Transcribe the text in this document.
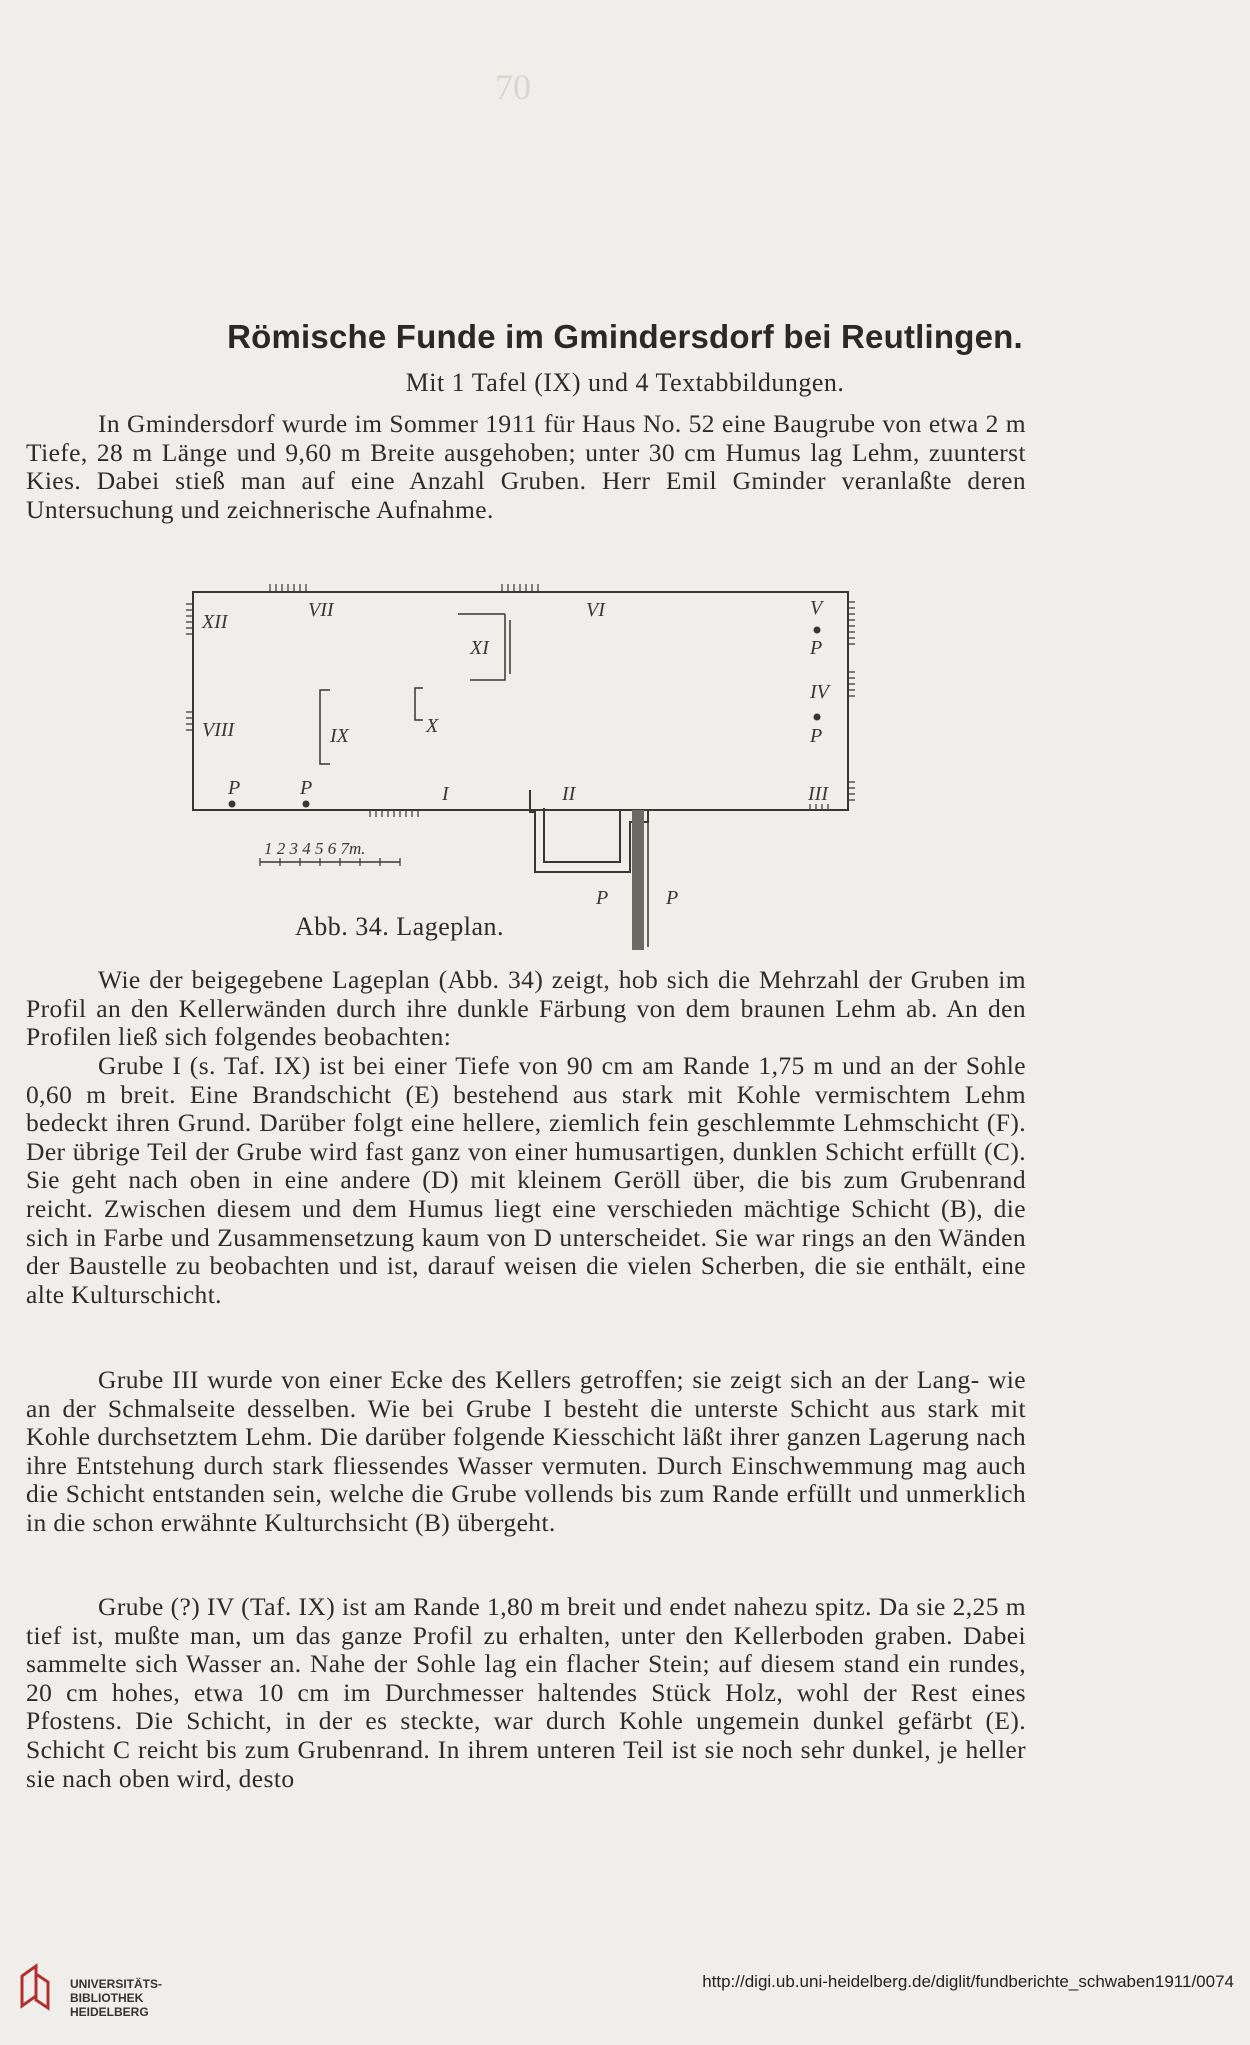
70
Römische Funde im Gmindersdorf bei Reutlingen.
Mit 1 Tafel (IX) und 4 Textabbildungen.
In Gmindersdorf wurde im Sommer 1911 für Haus No. 52 eine Baugrube von etwa 2 m Tiefe, 28 m Länge und 9,60 m Breite ausgehoben; unter 30 cm Humus lag Lehm, zuunterst Kies. Dabei stieß man auf eine Anzahl Gruben. Herr Emil Gminder veranlaßte deren Untersuchung und zeichnerische Aufnahme.
XII
VII	VI	V
XI
IV
VIII	IX	X
I	II	III
P	P
P
P
P	P
1 2 3 4 5 6 7m.
Abb. 34. Lageplan.
Wie der beigegebene Lageplan (Abb. 34) zeigt, hob sich die Mehrzahl der Gruben im Profil an den Kellerwänden durch ihre dunkle Färbung von dem braunen Lehm ab. An den Profilen ließ sich folgendes beobachten:
Grube I (s. Taf. IX) ist bei einer Tiefe von 90 cm am Rande 1,75 m und an der Sohle 0,60 m breit. Eine Brandschicht (E) bestehend aus stark mit Kohle vermischtem Lehm bedeckt ihren Grund. Darüber folgt eine hellere, ziemlich fein geschlemmte Lehmschicht (F). Der übrige Teil der Grube wird fast ganz von einer humusartigen, dunklen Schicht erfüllt (C). Sie geht nach oben in eine andere (D) mit kleinem Geröll über, die bis zum Grubenrand reicht. Zwischen diesem und dem Humus liegt eine verschieden mächtige Schicht (B), die sich in Farbe und Zusammensetzung kaum von D unterscheidet. Sie war rings an den Wänden der Baustelle zu beobachten und ist, darauf weisen die vielen Scherben, die sie enthält, eine alte Kulturschicht.
Grube III wurde von einer Ecke des Kellers getroffen; sie zeigt sich an der Lang- wie an der Schmalseite desselben. Wie bei Grube I besteht die unterste Schicht aus stark mit Kohle durchsetztem Lehm. Die darüber folgende Kiesschicht läßt ihrer ganzen Lagerung nach ihre Entstehung durch stark fliessendes Wasser vermuten. Durch Einschwemmung mag auch die Schicht entstanden sein, welche die Grube vollends bis zum Rande erfüllt und unmerklich in die schon erwähnte Kulturchsicht (B) übergeht.
Grube (?) IV (Taf. IX) ist am Rande 1,80 m breit und endet nahezu spitz. Da sie 2,25 m tief ist, mußte man, um das ganze Profil zu erhalten, unter den Kellerboden graben. Dabei sammelte sich Wasser an. Nahe der Sohle lag ein flacher Stein; auf diesem stand ein rundes, 20 cm hohes, etwa 10 cm im Durchmesser haltendes Stück Holz, wohl der Rest eines Pfostens. Die Schicht, in der es steckte, war durch Kohle ungemein dunkel gefärbt (E). Schicht C reicht bis zum Grubenrand. In ihrem unteren Teil ist sie noch sehr dunkel, je heller sie nach oben wird, desto
UNIVERSITÄTS-
BIBLIOTHEK
HEIDELBERG
http://digi.ub.uni-heidelberg.de/diglit/fundberichte_schwaben1911/0074
